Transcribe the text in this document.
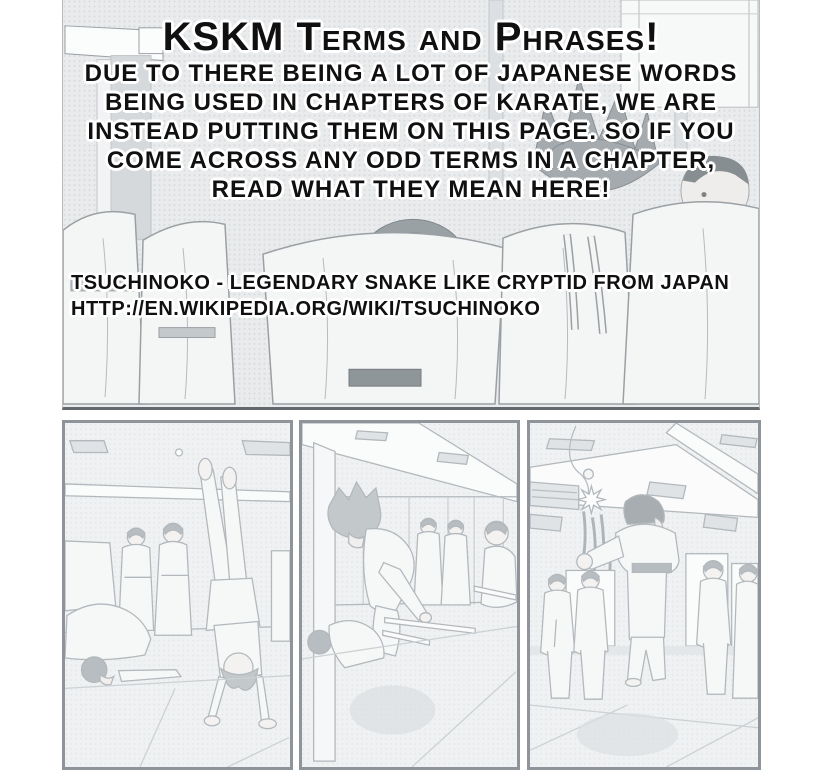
KSKM Terms and Phrases!
DUE TO THERE BEING A LOT OF JAPANESE WORDS
BEING USED IN CHAPTERS OF KARATE, WE ARE
INSTEAD PUTTING THEM ON THIS PAGE. SO IF YOU
COME ACROSS ANY ODD TERMS IN A CHAPTER,
READ WHAT THEY MEAN HERE!
TSUCHINOKO - LEGENDARY SNAKE LIKE CRYPTID FROM JAPAN
HTTP://EN.WIKIPEDIA.ORG/WIKI/TSUCHINOKO
